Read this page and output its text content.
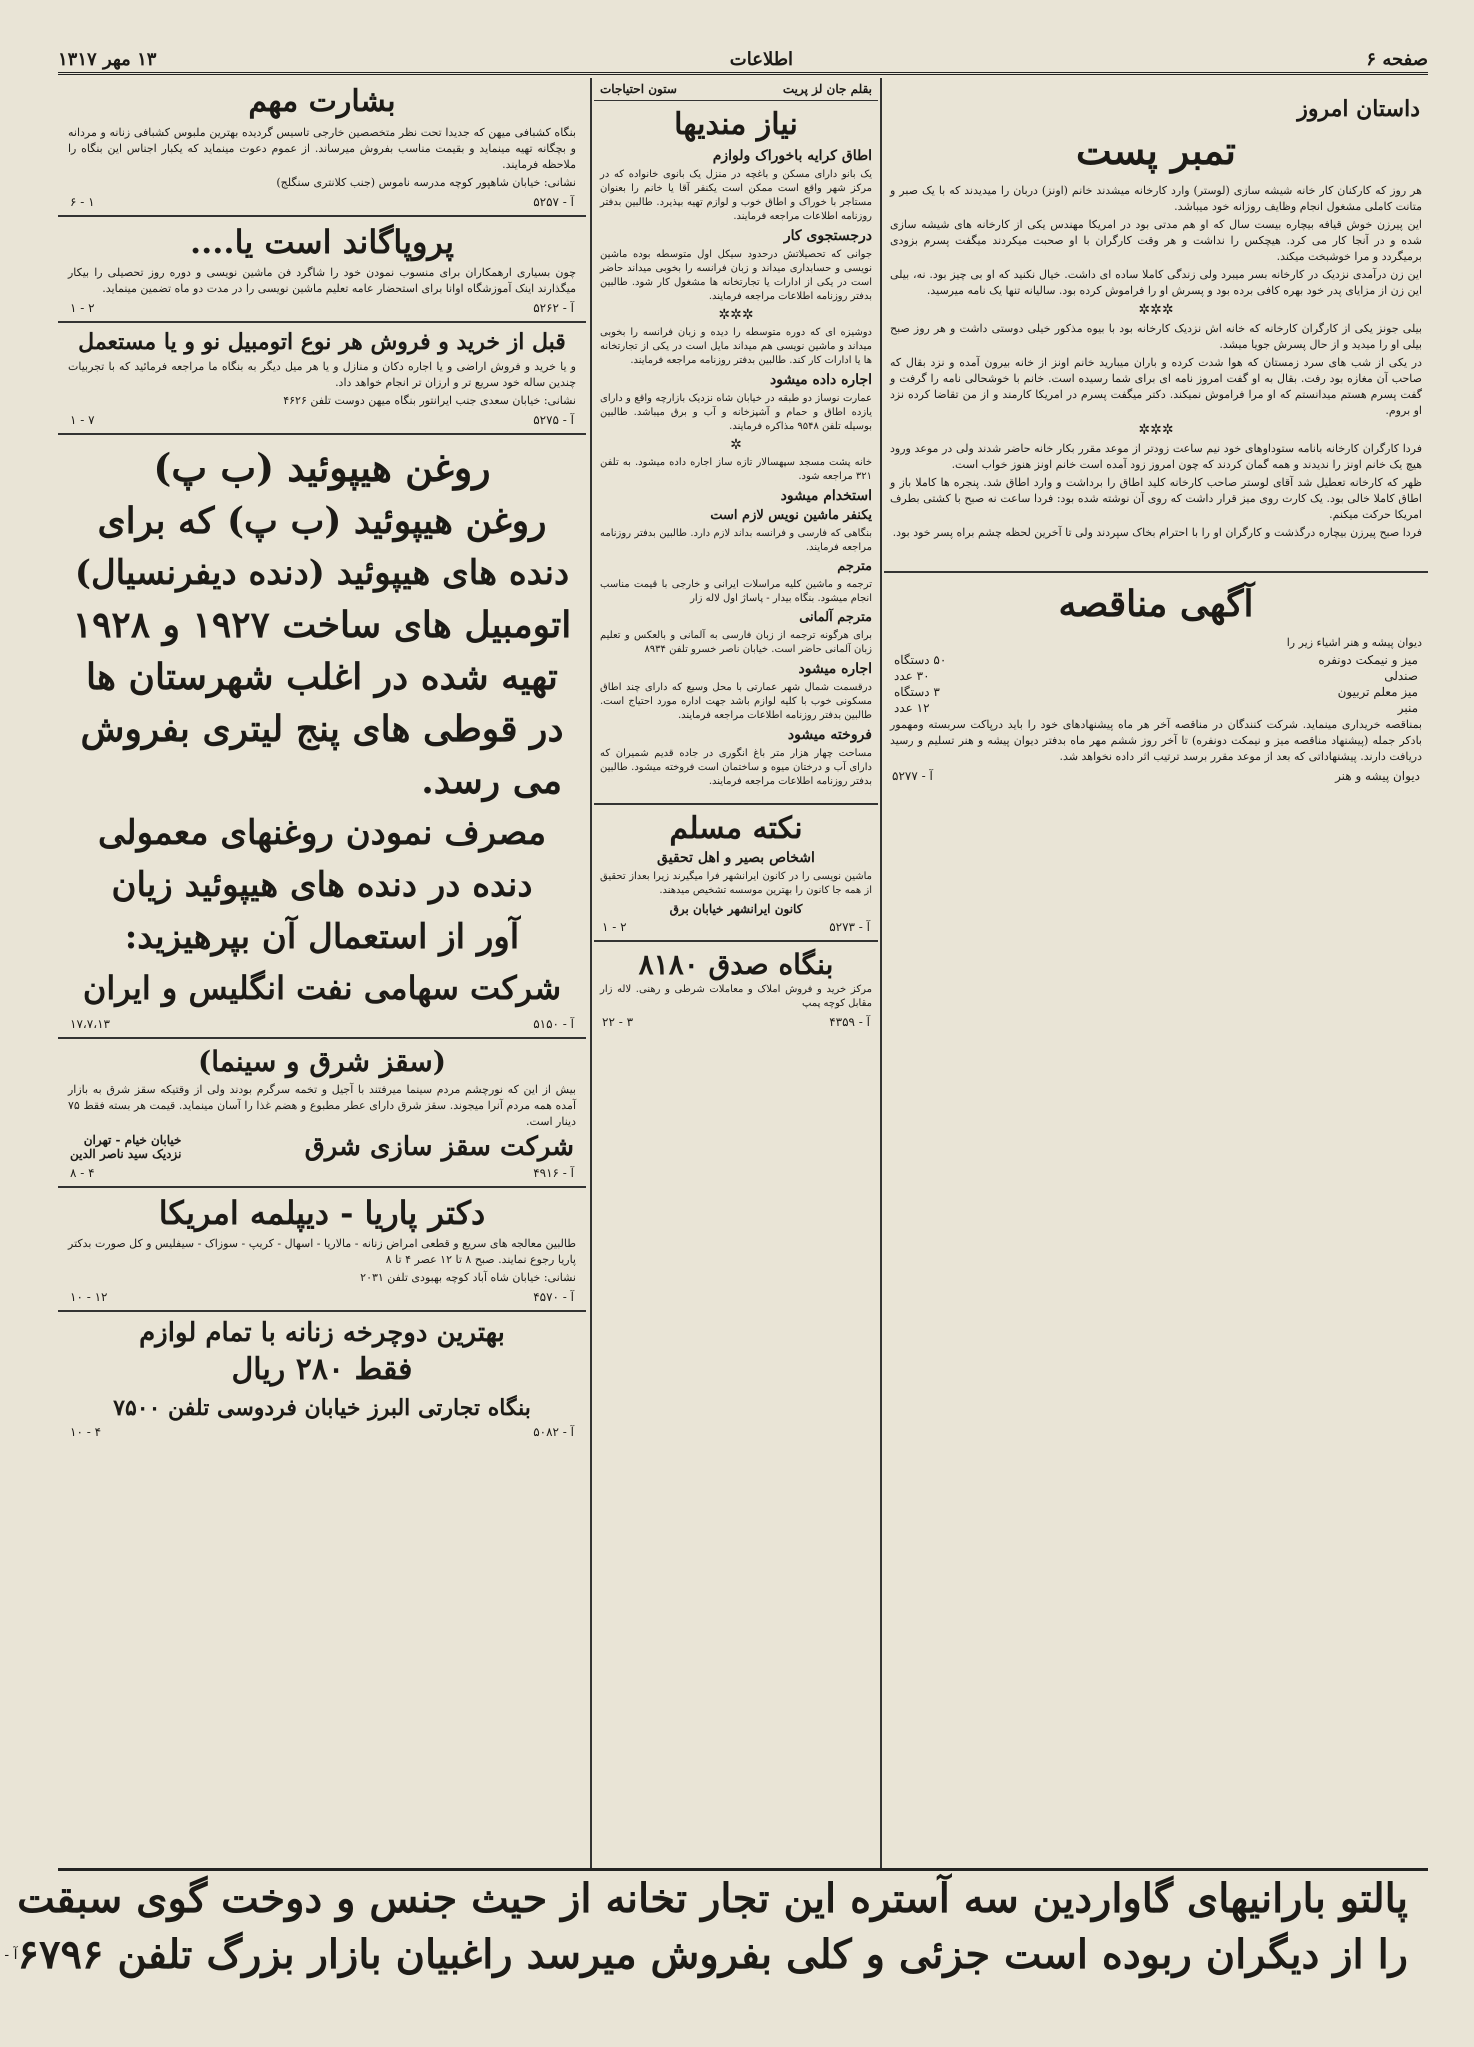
صفحه ۶
اطلاعات
۱۳ مهر ۱۳۱۷
داستان امروز
تمبر پست

هر روز که کارکنان کار خانه شیشه سازی (لوستر) وارد کارخانه میشدند خانم (اونز) دربان را میدیدند که با یک صبر و متانت کاملی مشغول انجام وظایف روزانه خود میباشد.

این پیرزن خوش قیافه بیچاره بیست سال که او هم مدتی بود در امریکا مهندس یکی از کارخانه های شیشه سازی شده و در آنجا کار می کرد. هیچکس را نداشت و هر وقت کارگران با او صحبت میکردند میگفت پسرم بزودی برمیگردد و مرا خوشبخت میکند.

این زن درآمدی نزدیک در کارخانه بسر میبرد ولی زندگی کاملا ساده ای داشت. خیال نکنید که او بی چیز بود. نه، بیلی این زن از مزایای پدر خود بهره کافی برده بود و پسرش او را فراموش کرده بود. سالیانه تنها یک نامه میرسید.

✲✲✲

بیلی جونز یکی از کارگران کارخانه که خانه اش نزدیک کارخانه بود با بیوه مذکور خیلی دوستی داشت و هر روز صبح بیلی او را میدید و از حال پسرش جویا میشد.

در یکی از شب های سرد زمستان که هوا شدت کرده و باران میبارید خانم اونز از خانه بیرون آمده و نزد بقال که صاحب آن مغازه بود رفت. بقال به او گفت امروز نامه ای برای شما رسیده است. خانم با خوشحالی نامه را گرفت و گفت پسرم هستم میدانستم که او مرا فراموش نمیکند. دکتر میگفت پسرم در امریکا کارمند و از من تقاضا کرده نزد او بروم.

✲✲✲

فردا کارگران کارخانه بانامه ستوداوهای خود نیم ساعت زودتر از موعد مقرر بکار خانه حاضر شدند ولی در موعد ورود هیچ یک خانم اونز را ندیدند و همه گمان کردند که چون امروز زود آمده است خانم اونز هنوز خواب است.

ظهر که کارخانه تعطیل شد آقای لوستر صاحب کارخانه کلید اطاق را برداشت و وارد اطاق شد. پنجره ها کاملا باز و اطاق کاملا خالی بود. یک کارت روی میز قرار داشت که روی آن نوشته شده بود: فردا ساعت نه صبح با کشتی بطرف امریکا حرکت میکنم.

فردا صبح پیرزن بیچاره درگذشت و کارگران او را با احترام بخاک سپردند ولی تا آخرین لحظه چشم براه پسر خود بود.

آگهی مناقصه

دیوان پیشه و هنر اشیاء زیر را

میز و نیمکت دونفره
۵۰ دستگاه
صندلی
۳۰ عدد
میز معلم تربیون
۳ دستگاه
منبر
۱۲ عدد

بمناقصه خریداری مینماید. شرکت کنندگان در مناقصه آخر هر ماه پیشنهادهای خود را باید درپاکت سربسته ومهمور بادکر جمله (پیشنهاد مناقصه میز و نیمکت دونفره) تا آخر روز ششم مهر ماه بدفتر دیوان پیشه و هنر تسلیم و رسید دریافت دارند. پیشنهاداتی که بعد از موعد مقرر برسد ترتیب اثر داده نخواهد شد.

دیوان پیشه و هنر
آ - ۵۲۷۷
بقلم جان لز پریت
ستون احتیاجات
نیاز مندیها
اطاق کرایه باخوراک ولوازم

یک بانو دارای مسکن و باغچه در منزل یک بانوی خانواده که در مرکز شهر واقع است ممکن است یکنفر آقا یا خانم را بعنوان مستاجر با خوراک و اطاق خوب و لوازم تهیه بپذیرد. طالبین بدفتر روزنامه اطلاعات مراجعه فرمایند.

درجستجوی کار

جوانی که تحصیلاتش درحدود سیکل اول متوسطه بوده ماشین نویسی و حسابداری میداند و زبان فرانسه را بخوبی میداند حاضر است در یکی از ادارات یا تجارتخانه ها مشغول کار شود. طالبین بدفتر روزنامه اطلاعات مراجعه فرمایند.

✲✲✲

دوشیزه ای که دوره متوسطه را دیده و زبان فرانسه را بخوبی میداند و ماشین نویسی هم میداند مایل است در یکی از تجارتخانه ها یا ادارات کار کند. طالبین بدفتر روزنامه مراجعه فرمایند.

اجاره داده میشود

عمارت نوساز دو طبقه در خیابان شاه نزدیک بازارچه واقع و دارای یازده اطاق و حمام و آشپزخانه و آب و برق میباشد. طالبین بوسیله تلفن ۹۵۴۸ مذاکره فرمایند.

✲

خانه پشت مسجد سپهسالار تازه ساز اجاره داده میشود. به تلفن ۳۲۱ مراجعه شود.

استخدام میشود
یکنفر ماشین نویس لازم است

بنگاهی که فارسی و فرانسه بداند لازم دارد. طالبین بدفتر روزنامه مراجعه فرمایند.

مترجم

ترجمه و ماشین کلیه مراسلات ایرانی و خارجی با قیمت مناسب انجام میشود. بنگاه بیدار - پاساژ اول لاله زار

مترجم آلمانی

برای هرگونه ترجمه از زبان فارسی به آلمانی و بالعکس و تعلیم زبان آلمانی حاضر است. خیابان ناصر خسرو تلفن ۸۹۳۴

اجاره میشود

درقسمت شمال شهر عمارتی با محل وسیع که دارای چند اطاق مسکونی خوب با کلیه لوازم باشد جهت اداره مورد احتیاج است. طالبین بدفتر روزنامه اطلاعات مراجعه فرمایند.

فروخته میشود

مساحت چهار هزار متر باغ انگوری در جاده قدیم شمیران که دارای آب و درختان میوه و ساختمان است فروخته میشود. طالبین بدفتر روزنامه اطلاعات مراجعه فرمایند.

نکته مسلم
اشخاص بصیر و اهل تحقیق

ماشین نویسی را در کانون ایرانشهر فرا میگیرند زیرا بعداز تحقیق از همه جا کانون را بهترین موسسه تشخیص میدهند.

کانون ایرانشهر خیابان برق
آ - ۵۲۷۳
۲ - ۱
بنگاه صدق ۸۱۸۰

مرکز خرید و فروش املاک و معاملات شرطی و رهنی. لاله زار مقابل کوچه پمپ

آ - ۴۳۵۹
۳ - ۲۲
بشارت مهم

بنگاه کشبافی میهن که جدیدا تحت نظر متخصصین خارجی تاسیس گردیده بهترین ملبوس کشبافی زنانه و مردانه و بچگانه تهیه مینماید و بقیمت مناسب بفروش میرساند. از عموم دعوت مینماید که یکبار اجناس این بنگاه را ملاحظه فرمایند.

نشانی: خیابان شاهپور کوچه مدرسه ناموس (جنب کلانتری سنگلج)

آ - ۵۲۵۷
۱ - ۶
پروپاگاند است یا....

چون بسیاری ارهمکاران برای منسوب نمودن خود را شاگرد فن ماشین نویسی و دوره روز تحصیلی را بیکار میگذارند اینک آموزشگاه اوانا برای استحضار عامه تعلیم ماشین نویسی را در مدت دو ماه تضمین مینماید.

آ - ۵۲۶۲
۲ - ۱
قبل از خرید و فروش هر نوع اتومبیل نو و یا مستعمل

و یا خرید و فروش اراضی و یا اجاره دکان و منازل و یا هر میل دیگر به بنگاه ما مراجعه فرمائید که با تجربیات چندین ساله خود سریع تر و ارزان تر انجام خواهد داد.

نشانی: خیابان سعدی جنب ایرانتور بنگاه میهن دوست تلفن ۴۶۲۶

آ - ۵۲۷۵
۷ - ۱
روغن هیپوئید (ب پ)
روغن هیپوئید (ب پ) که برای
دنده های هیپوئید (دنده دیفرنسیال)
اتومبیل های ساخت ۱۹۲۷ و ۱۹۲۸
تهیه شده در اغلب شهرستان ها
در قوطی های پنج لیتری بفروش
می رسد.
مصرف نمودن روغنهای معمولی
دنده در دنده های هیپوئید زیان
آور از استعمال آن بپرهیزید:
شرکت سهامی نفت انگلیس و ایران
آ - ۵۱۵۰
۱۷،۷،۱۳
(سقز شرق و سینما)

بیش از این که نورچشم مردم سینما میرفتند با آجیل و تخمه سرگرم بودند ولی از وقتیکه سقز شرق به بازار آمده همه مردم آنرا میجوند. سقز شرق دارای عطر مطبوع و هضم غذا را آسان مینماید. قیمت هر بسته فقط ۷۵ دینار است.

شرکت سقز سازی شرق
خیابان خیام - تهران
نزدیک سید ناصر الدین
آ - ۴۹۱۶
۴ - ۸
دکتر پاریا - دیپلمه امریکا

طالبین معالجه های سریع و قطعی امراض زنانه - مالاریا - اسهال - کریپ - سوزاک - سیفلیس و کل صورت بدکتر پاریا رجوع نمایند. صبح ۸ تا ۱۲ عصر ۴ تا ۸

نشانی: خیابان شاه آباد کوچه بهبودی تلفن ۲۰۳۱

آ - ۴۵۷۰
۱۲ - ۱۰
بهترین دوچرخه زنانه با تمام لوازم
فقط ۲۸۰ ریال
بنگاه تجارتی البرز خیابان فردوسی تلفن ۷۵۰۰
آ - ۵۰۸۲
۴ - ۱۰
پالتو بارانیهای گاواردین سه آستره این تجار تخانه از حیث جنس و دوخت گوی سبقت
را از دیگران ربوده است جزئی و کلی بفروش میرسد راغبیان بازار بزرگ تلفن ۶۷۹۶
آ -
